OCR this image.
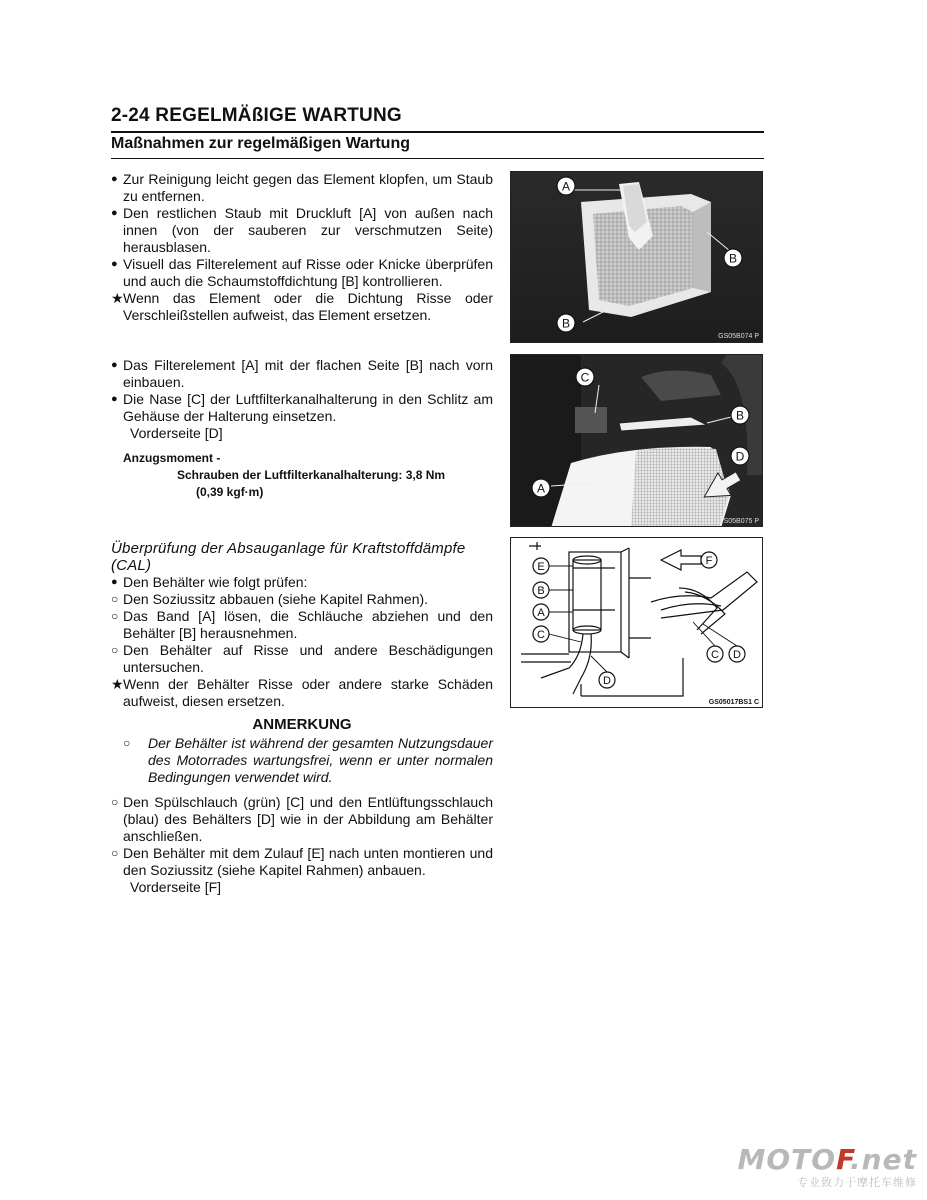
2-24 REGELMÄßIGE WARTUNG
Maßnahmen zur regelmäßigen Wartung
● Zur Reinigung leicht gegen das Element klopfen, um Staub zu entfernen.
● Den restlichen Staub mit Druckluft [A] von außen nach innen (von der sauberen zur verschmutzen Seite) herausblasen.
● Visuell das Filterelement auf Risse oder Knicke überprüfen und auch die Schaumstoffdichtung [B] kontrollieren.
★ Wenn das Element oder die Dichtung Risse oder Verschleißstellen aufweist, das Element ersetzen.
● Das Filterelement [A] mit der flachen Seite [B] nach vorn einbauen.
● Die Nase [C] der Luftfilterkanalhalterung in den Schlitz am Gehäuse der Halterung einsetzen.
Vorderseite [D]
Anzugsmoment -
Schrauben der Luftfilterkanalhalterung: 3,8 Nm
(0,39 kgf·m)
Überprüfung der Absauganlage für Kraftstoffdämpfe (CAL)
● Den Behälter wie folgt prüfen:
○ Den Soziussitz abbauen (siehe Kapitel Rahmen).
○ Das Band [A] lösen, die Schläuche abziehen und den Behälter [B] herausnehmen.
○ Den Behälter auf Risse und andere Beschädigungen untersuchen.
★ Wenn der Behälter Risse oder andere starke Schäden aufweist, diesen ersetzen.
ANMERKUNG
○	Der Behälter ist während der gesamten Nutzungsdauer des Motorrades wartungsfrei, wenn er unter normalen Bedingungen verwendet wird.
○ Den Spülschlauch (grün) [C] und den Entlüftungsschlauch (blau) des Behälters [D] wie in der Abbildung am Behälter anschließen.
○ Den Behälter mit dem Zulauf [E] nach unten montieren und den Soziussitz (siehe Kapitel Rahmen) anbauen.
Vorderseite [F]
A
B
B
GS05B074 P
C
B
D
A
GS05B075 P
E
B
A
C
D
F
C D
GS05017BS1 C
MOTOF.net
专业致力于摩托车维修
